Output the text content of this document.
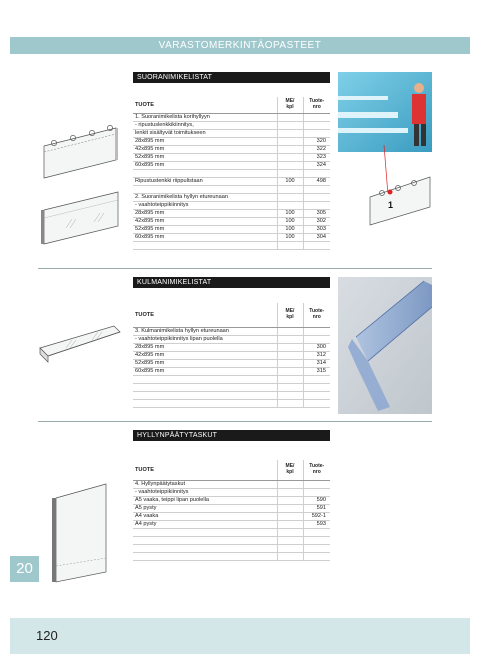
VARASTOMERKINTÄOPASTEET
SUORANIMIKELISTAT
TUOTE	ME/
kpl	Tuote-
nro
1. Suoranimikelista korihyllyyn		
- ripustuslenkkikiinnitys,		
lenkit sisältyvät toimitukseen		
28x895 mm		320
42x895 mm		322
52x895 mm		323
60x895 mm		324

Ripustustenkki riippulistaan	100	498

2. Suoranimikelista hyllyn etureunaan		
- vaahtoteippikiinnitys		
28x895 mm	100	305
42x895 mm	100	302
52x895 mm	100	303
60x895 mm	100	304

1
KULMANIMIKELISTAT
TUOTE	ME/
kpl	Tuote-
nro
3. Kulmanimikelista hyllyn etureunaan		
- vaahtoteippikiinnitys lipan puolella		
28x895 mm		300
42x895 mm		312
52x895 mm		314
60x895 mm		315

HYLLYNPÄÄTYTASKUT
TUOTE	ME/
kpl	Tuote-
nro
4. Hyllynpäätytaskut		
- vaahtoteippikiinnitys		
A5 vaaka, teippi lipan puolella		590
A5 pysty		591
A4 vaaka		592-1
A4 pysty		593

20
120
